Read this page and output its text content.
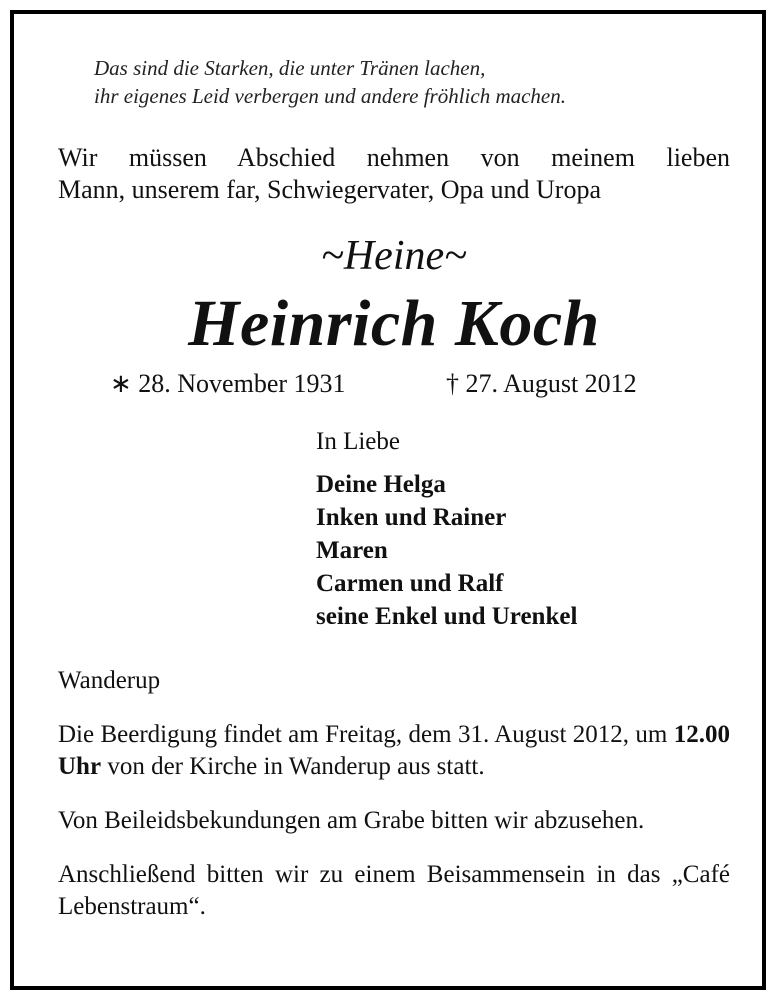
Das sind die Starken, die unter Tränen lachen,
ihr eigenes Leid verbergen und andere fröhlich machen.
Wir müssen Abschied nehmen von meinem lieben
Mann, unserem far, Schwiegervater, Opa und Uropa
~Heine~
Heinrich Koch
∗ 28. November 1931	† 27. August 2012
In Liebe
Deine Helga
Inken und Rainer
Maren
Carmen und Ralf
seine Enkel und Urenkel
Wanderup
Die Beerdigung findet am Freitag, dem 31. August 2012, um 12.00 Uhr von der Kirche in Wanderup aus statt.
Von Beileidsbekundungen am Grabe bitten wir abzusehen.
Anschließend bitten wir zu einem Beisammensein in das „Café Lebenstraum“.
